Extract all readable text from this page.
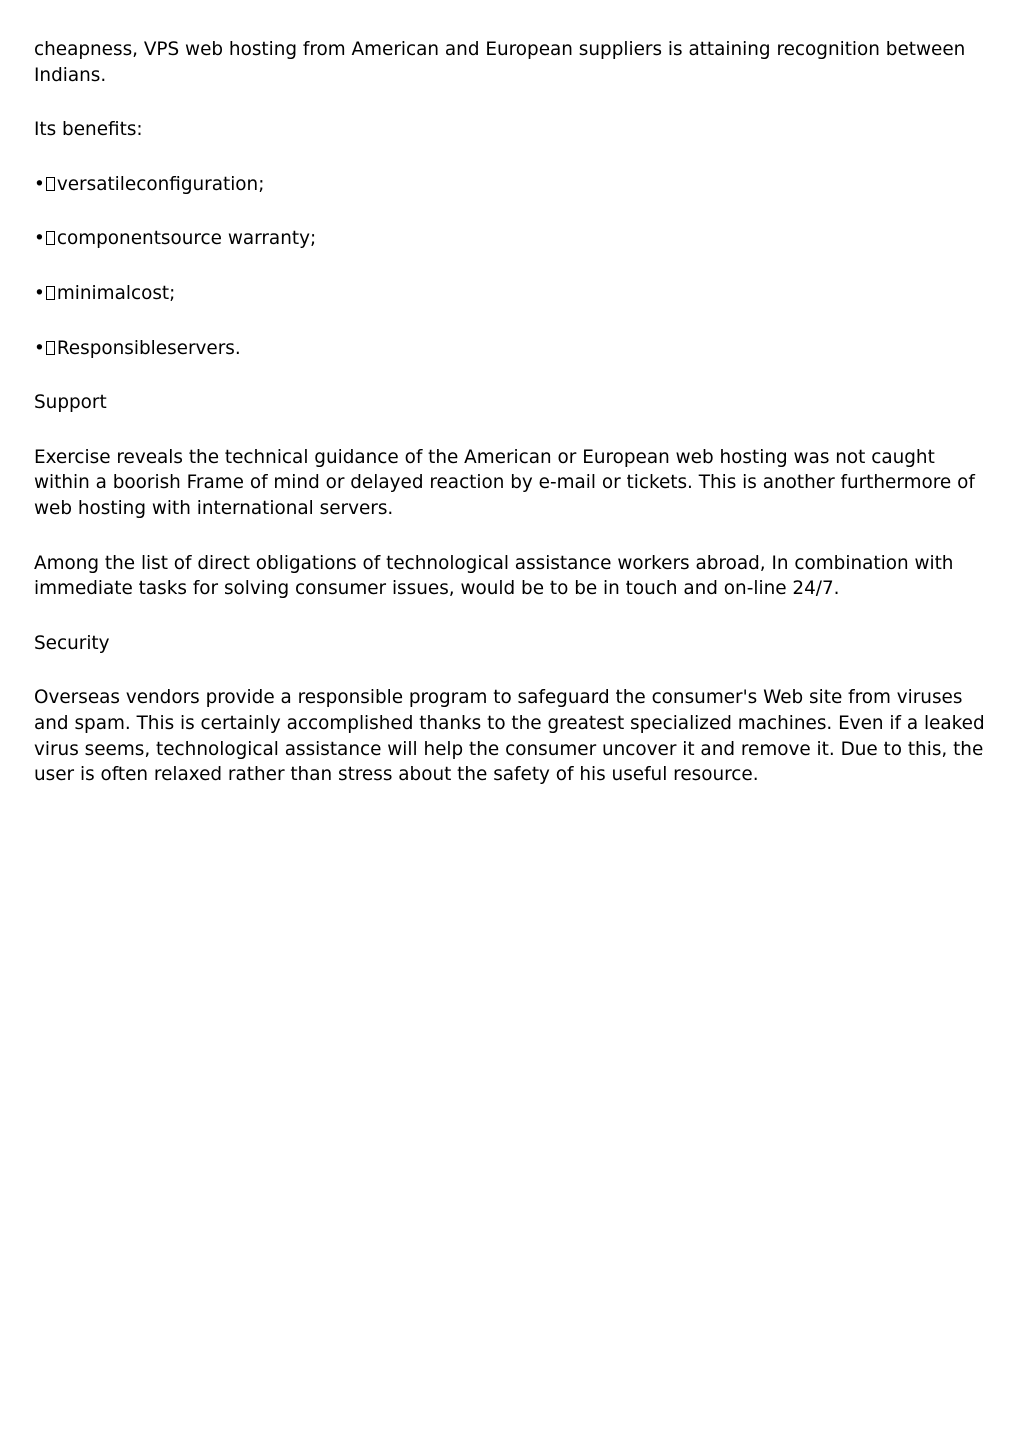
cheapness, VPS web hosting from American and European suppliers is attaining recognition between Indians.

Its benefits:

• versatileconfiguration;

• componentsource warranty;

• minimalcost;

• Responsibleservers.

Support

Exercise reveals the technical guidance of the American or European web hosting was not caught within a boorish Frame of mind or delayed reaction by e-mail or tickets. This is another furthermore of web hosting with international servers.

Among the list of direct obligations of technological assistance workers abroad, In combination with immediate tasks for solving consumer issues, would be to be in touch and on-line 24/7.

Security

Overseas vendors provide a responsible program to safeguard the consumer's Web site from viruses and spam. This is certainly accomplished thanks to the greatest specialized machines. Even if a leaked virus seems, technological assistance will help the consumer uncover it and remove it. Due to this, the user is often relaxed rather than stress about the safety of his useful resource.
